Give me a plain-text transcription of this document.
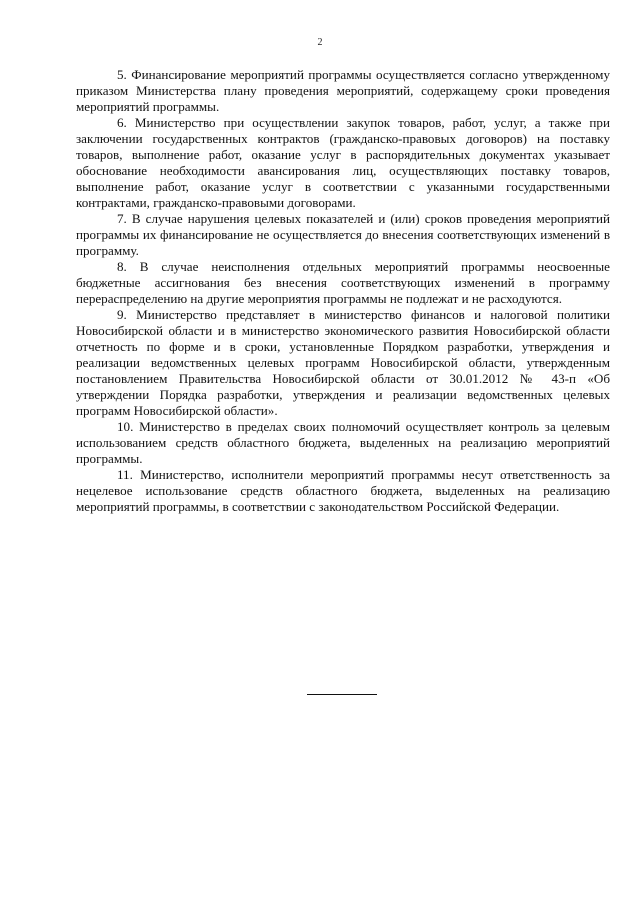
2

5. Финансирование мероприятий программы осуществляется согласно утвержденному приказом Министерства плану проведения мероприятий, содержащему сроки проведения мероприятий программы.

6. Министерство при осуществлении закупок товаров, работ, услуг, а также при заключении государственных контрактов (гражданско-правовых договоров) на поставку товаров, выполнение работ, оказание услуг в распорядительных документах указывает обоснование необходимости авансирования лиц, осуществляющих поставку товаров, выполнение работ, оказание услуг в соответствии с указанными государственными контрактами, гражданско-правовыми договорами.

7. В случае нарушения целевых показателей и (или) сроков проведения мероприятий программы их финансирование не осуществляется до внесения соответствующих изменений в программу.

8. В случае неисполнения отдельных мероприятий программы неосвоенные бюджетные ассигнования без внесения соответствующих изменений в программу перераспределению на другие мероприятия программы не подлежат и не расходуются.

9. Министерство представляет в министерство финансов и налоговой политики Новосибирской области и в министерство экономического развития Новосибирской области отчетность по форме и в сроки, установленные Порядком разработки, утверждения и реализации ведомственных целевых программ Новосибирской области, утвержденным постановлением Правительства Новосибирской области от 30.01.2012 № 43-п «Об утверждении Порядка разработки, утверждения и реализации ведомственных целевых программ Новосибирской области».

10. Министерство в пределах своих полномочий осуществляет контроль за целевым использованием средств областного бюджета, выделенных на реализацию мероприятий программы.

11. Министерство, исполнители мероприятий программы несут ответственность за нецелевое использование средств областного бюджета, выделенных на реализацию мероприятий программы, в соответствии с законодательством Российской Федерации.
